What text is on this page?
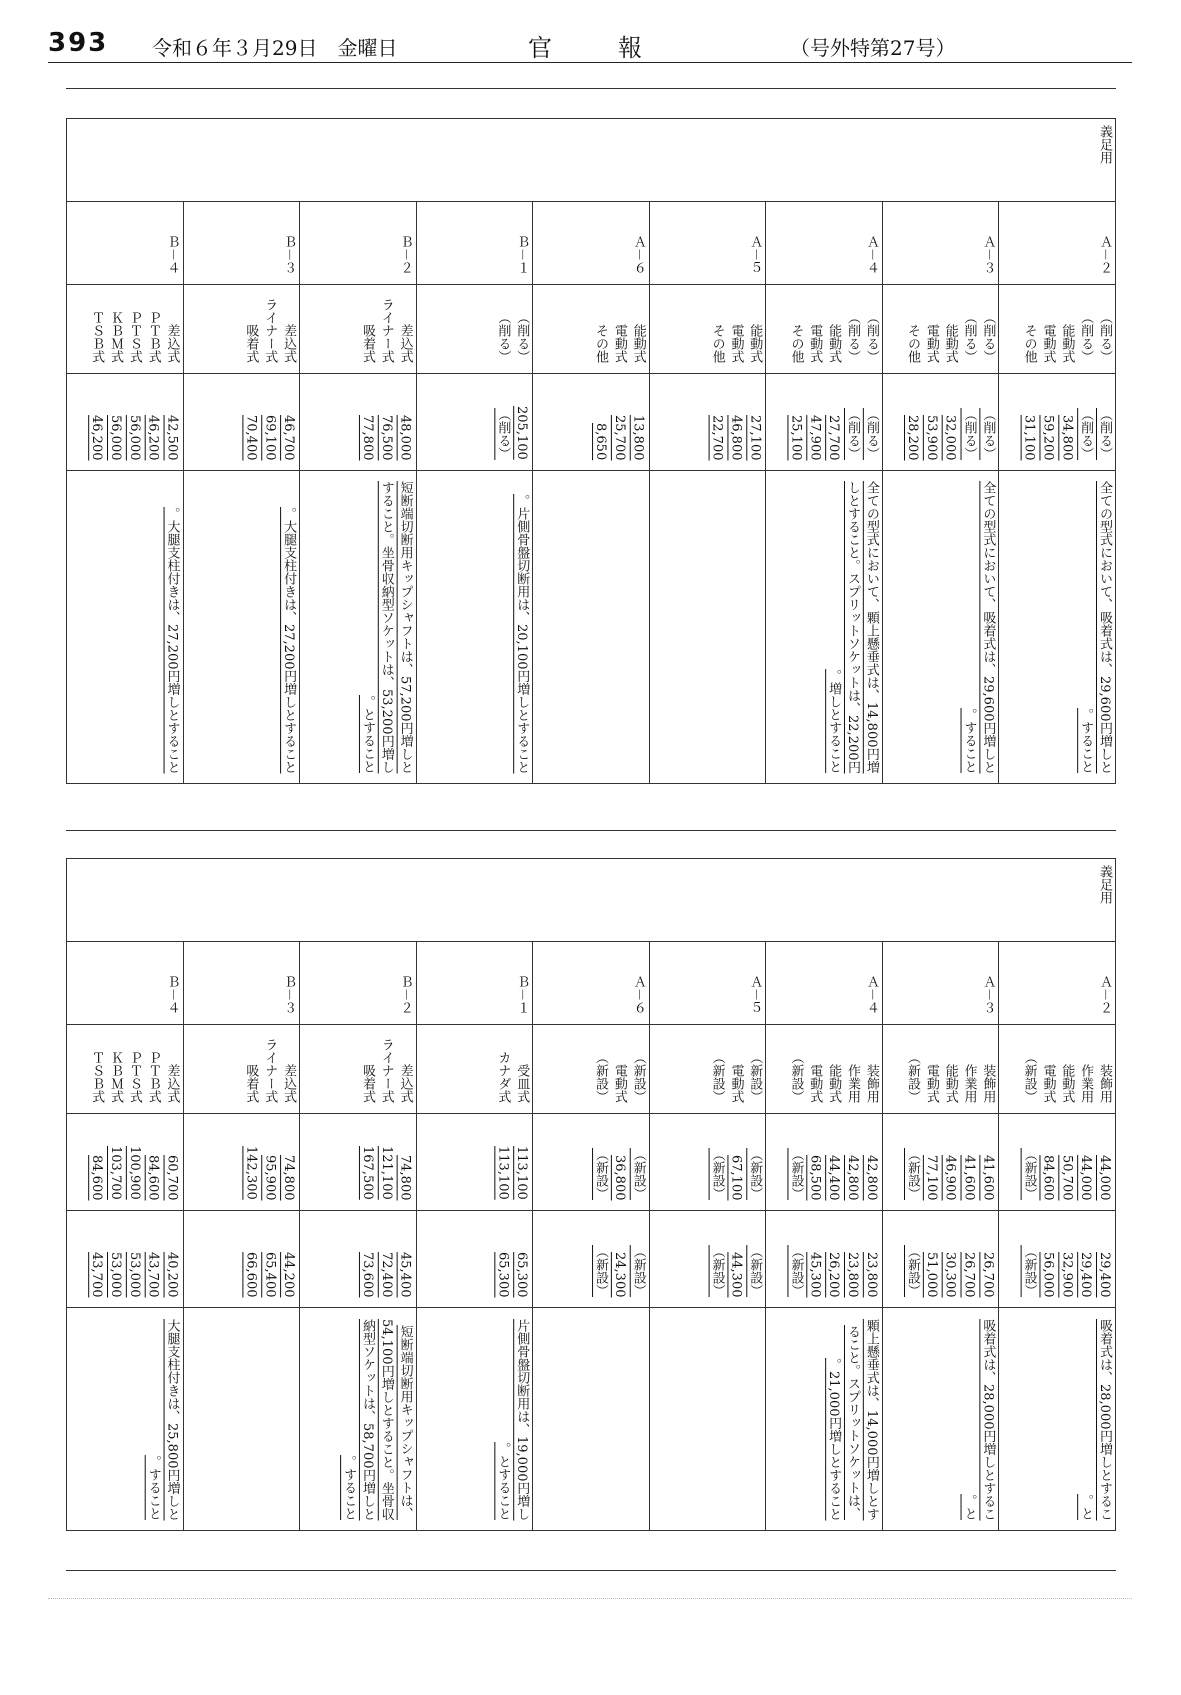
393 令和６年３月29日　金曜日	官報	（号外特第27号）
義足用								

Ｂ－４	Ｂ－３	Ｂ－２	Ｂ－１	Ａ－６	Ａ－５	Ａ－４	Ａ－３	Ａ－２
差込式ＰＴＢ式ＰＴＳ式ＫＢＭ式ＴＳＢ式	差込式ライナー式吸着式	差込式ライナー式吸着式	（削る）（削る）	能動式電動式その他	能動式電動式その他	（削る）（削る）能動式電動式その他	（削る）（削る）能動式電動式その他	（削る）（削る）能動式電動式その他
42,50046,20056,00056,00046,200	46,70069,10070,400	48,00076,50077,800	205,100（削る）	13,80025,7008,650	27,10046,80022,700	（削る）（削る）27,70047,90025,100	（削る）（削る）32,00053,90028,200	（削る）（削る）34,80059,20031,100
大腿支柱付きは、27,200円増しとすること。	大腿支柱付きは、27,200円増しとすること。	短断端切断用キップシャフトは、57,200円増しとすること。坐骨収納型ソケットは、53,200円増しとすること。	片側骨盤切断用は、20,100円増しとすること。			全ての型式において、顆上懸垂式は、14,800円増しとすること。スプリットソケットは、22,200円増しとすること。	全ての型式において、吸着式は、29,600円増しとすること。	全ての型式において、吸着式は、29,600円増しとすること。
義足用								

Ｂ－４	Ｂ－３	Ｂ－２	Ｂ－１	Ａ－６	Ａ－５	Ａ－４	Ａ－３	Ａ－２
差込式ＰＴＢ式ＰＴＳ式ＫＢＭ式ＴＳＢ式	差込式ライナー式吸着式	差込式ライナー式吸着式	受皿式カナダ式	（新設）電動式（新設）	（新設）電動式（新設）	装飾用作業用能動式電動式（新設）	装飾用作業用能動式電動式（新設）	装飾用作業用能動式電動式（新設）
60,70084,600100,900103,70084,600	74,80095,900142,300	74,800121,100167,500	113,100113,100	（新設）36,800（新設）	（新設）67,100（新設）	42,80042,80044,40068,500（新設）	41,60041,60046,90077,100（新設）	44,00044,00050,70084,600（新設）
40,20043,70053,00053,00043,700	44,20065,40066,600	45,40072,40073,600	65,30065,300	（新設）24,300（新設）	（新設）44,300（新設）	23,80023,80026,20045,300（新設）	26,70026,70030,30051,000（新設）	29,40029,40032,90056,000（新設）
大腿支柱付きは、25,800円増しとすること。		短断端切断用キップシャフトは、54,100円増しとすること。坐骨収納型ソケットは、58,700円増しとすること。	片側骨盤切断用は、19,000円増しとすること。			顆上懸垂式は、14,000円増しとすること。スプリットソケットは、21,000円増しとすること。	吸着式は、28,000円増しとすること。	吸着式は、28,000円増しとすること。
